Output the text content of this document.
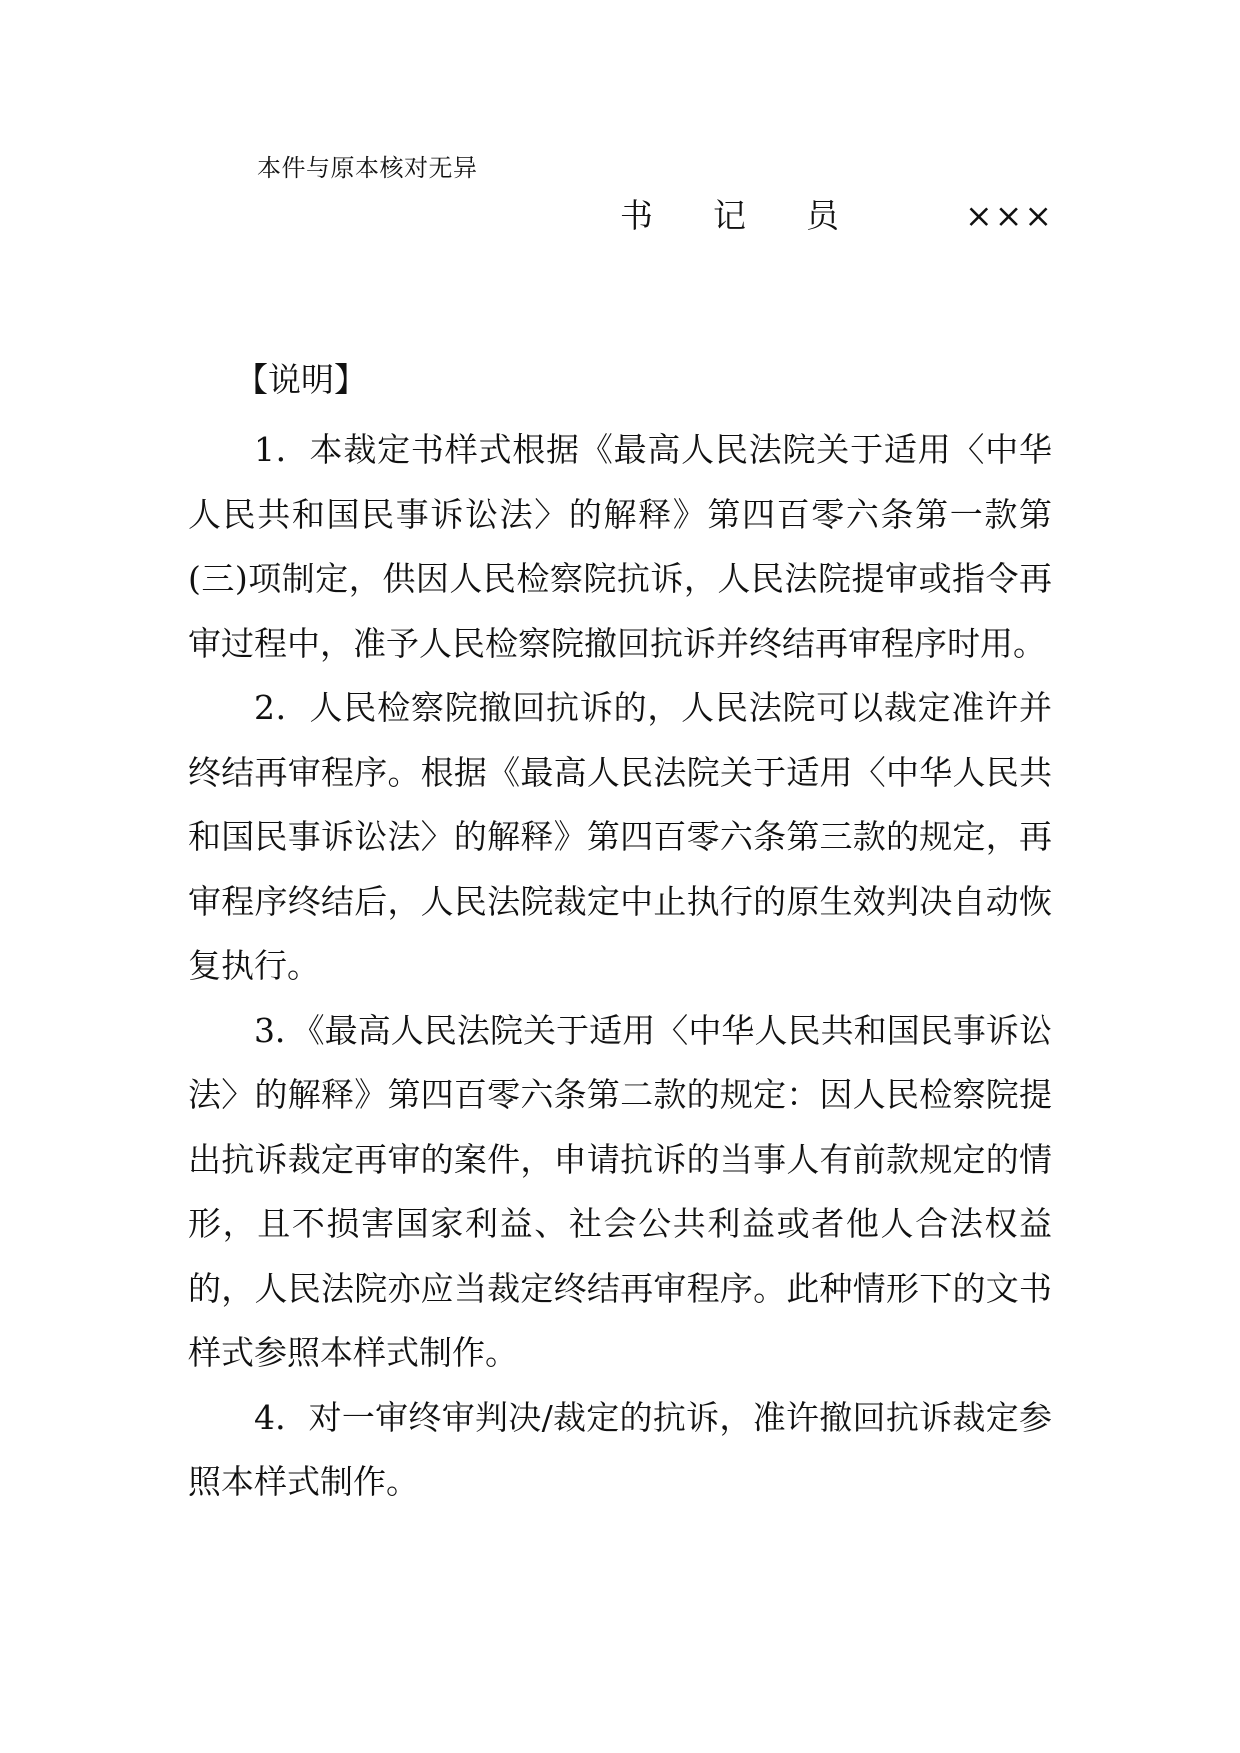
本件与原本核对无异
书记员 ×××
【说明】

1．本裁定书样式根据《最高人民法院关于适用〈中华人民共和国民事诉讼法〉的解释》第四百零六条第一款第(三)项制定，供因人民检察院抗诉，人民法院提审或指令再审过程中，准予人民检察院撤回抗诉并终结再审程序时用。

2．人民检察院撤回抗诉的，人民法院可以裁定准许并终结再审程序。根据《最高人民法院关于适用〈中华人民共和国民事诉讼法〉的解释》第四百零六条第三款的规定，再审程序终结后，人民法院裁定中止执行的原生效判决自动恢复执行。

3．《最高人民法院关于适用〈中华人民共和国民事诉讼法〉的解释》第四百零六条第二款的规定：因人民检察院提出抗诉裁定再审的案件，申请抗诉的当事人有前款规定的情形，且不损害国家利益、社会公共利益或者他人合法权益的，人民法院亦应当裁定终结再审程序。此种情形下的文书样式参照本样式制作。

4．对一审终审判决/裁定的抗诉，准许撤回抗诉裁定参照本样式制作。
